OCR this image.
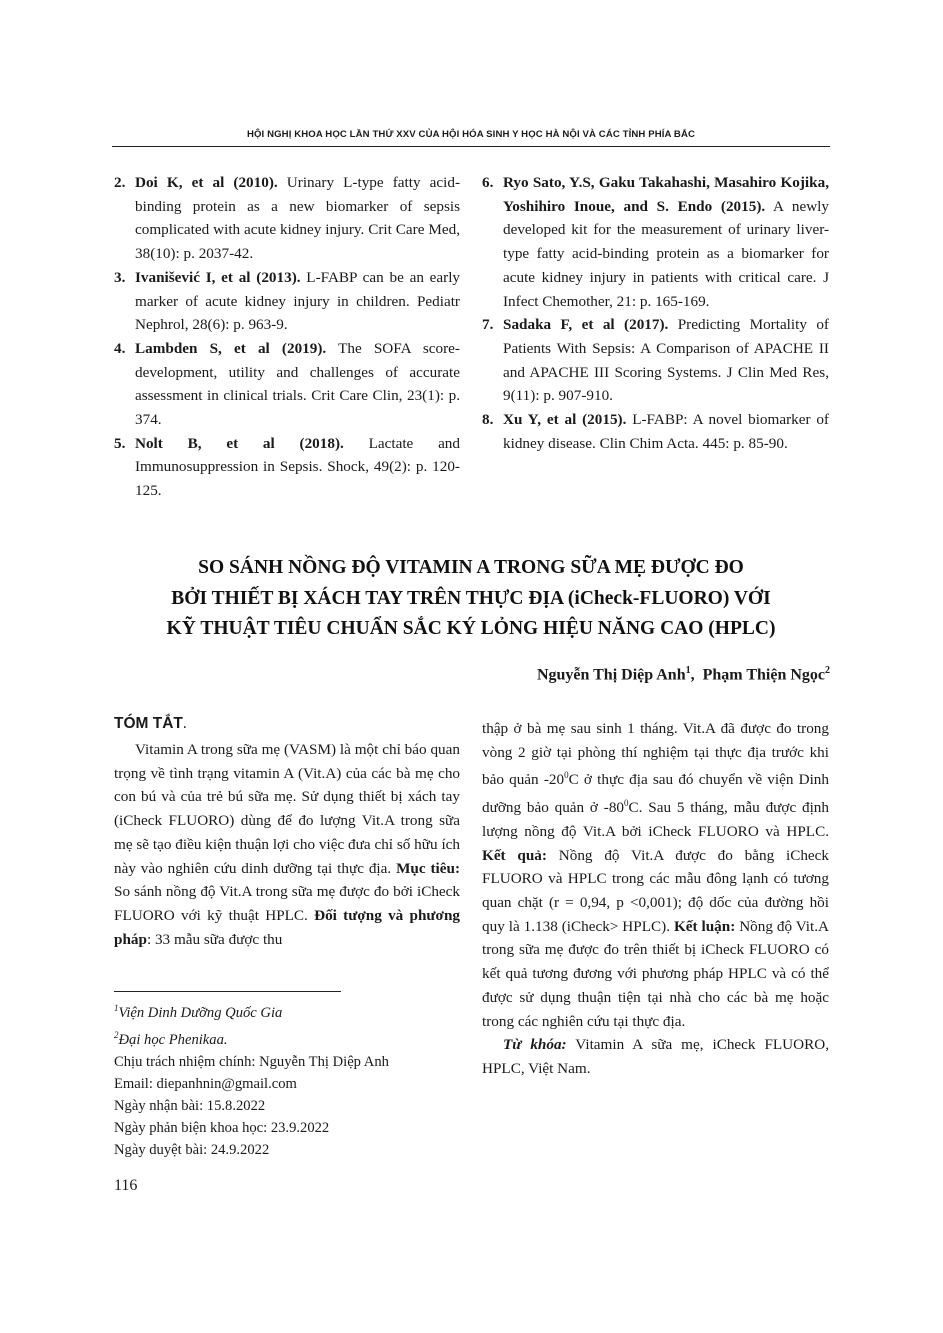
HỘI NGHỊ KHOA HỌC LẦN THỨ XXV CỦA HỘI HÓA SINH Y HỌC HÀ NỘI VÀ CÁC TỈNH PHÍA BẮC

2. Doi K, et al (2010). Urinary L-type fatty acid-binding protein as a new biomarker of sepsis complicated with acute kidney injury. Crit Care Med, 38(10): p. 2037-42.

3. Ivanišević I, et al (2013). L-FABP can be an early marker of acute kidney injury in children. Pediatr Nephrol, 28(6): p. 963-9.

4. Lambden S, et al (2019). The SOFA score-development, utility and challenges of accurate assessment in clinical trials. Crit Care Clin, 23(1): p. 374.

5. Nolt B, et al (2018). Lactate and Immunosuppression in Sepsis. Shock, 49(2): p. 120-125.

6. Ryo Sato, Y.S, Gaku Takahashi, Masahiro Kojika, Yoshihiro Inoue, and S. Endo (2015). A newly developed kit for the measurement of urinary liver-type fatty acid-binding protein as a biomarker for acute kidney injury in patients with critical care. J Infect Chemother, 21: p. 165-169.

7. Sadaka F, et al (2017). Predicting Mortality of Patients With Sepsis: A Comparison of APACHE II and APACHE III Scoring Systems. J Clin Med Res, 9(11): p. 907-910.

8. Xu Y, et al (2015). L-FABP: A novel biomarker of kidney disease. Clin Chim Acta. 445: p. 85-90.

SO SÁNH NỒNG ĐỘ VITAMIN A TRONG SỮA MẸ ĐƯỢC ĐO
BỞI THIẾT BỊ XÁCH TAY TRÊN THỰC ĐỊA (iCheck-FLUORO) VỚI
KỸ THUẬT TIÊU CHUẨN SẮC KÝ LỎNG HIỆU NĂNG CAO (HPLC)
Nguyễn Thị Diệp Anh$^1$,  Phạm Thiện Ngọc$^2$
TÓM TẮT.

Vitamin A trong sữa mẹ (VASM) là một chỉ báo quan trọng về tình trạng vitamin A (Vit.A) của các bà mẹ cho con bú và của trẻ bú sữa mẹ. Sử dụng thiết bị xách tay (iCheck FLUORO) dùng để đo lượng Vit.A trong sữa mẹ sẽ tạo điều kiện thuận lợi cho việc đưa chỉ số hữu ích này vào nghiên cứu dinh dưỡng tại thực địa. Mục tiêu: So sánh nồng độ Vit.A trong sữa mẹ được đo bởi iCheck FLUORO với kỹ thuật HPLC. Đối tượng và phương pháp: 33 mẫu sữa được thu

thập ở bà mẹ sau sinh 1 tháng. Vit.A đã được đo trong vòng 2 giờ tại phòng thí nghiệm tại thực địa trước khi bảo quản $-20^0C$ ở thực địa sau đó chuyển về viện Dinh dưỡng bảo quản ở $-80^0C$. Sau 5 tháng, mẫu được định lượng nồng độ Vit.A bởi iCheck FLUORO và HPLC. Kết quả: Nồng độ Vit.A được đo bằng iCheck FLUORO và HPLC trong các mẫu đông lạnh có tương quan chặt (r = 0,94, p <0,001); độ dốc của đường hồi quy là 1.138 (iCheck> HPLC). Kết luận: Nồng độ Vit.A trong sữa mẹ được đo trên thiết bị iCheck FLUORO có kết quả tương đương với phương pháp HPLC và có thể được sử dụng thuận tiện tại nhà cho các bà mẹ hoặc trong các nghiên cứu tại thực địa.

Từ khóa: Vitamin A sữa mẹ, iCheck FLUORO, HPLC, Việt Nam.

$^1$Viện Dinh Dưỡng Quốc Gia
$^2$Đại học Phenikaa.
Chịu trách nhiệm chính: Nguyễn Thị Diệp Anh
Email: diepanhnin@gmail.com
Ngày nhận bài: 15.8.2022
Ngày phản biện khoa học: 23.9.2022
Ngày duyệt bài: 24.9.2022
116
